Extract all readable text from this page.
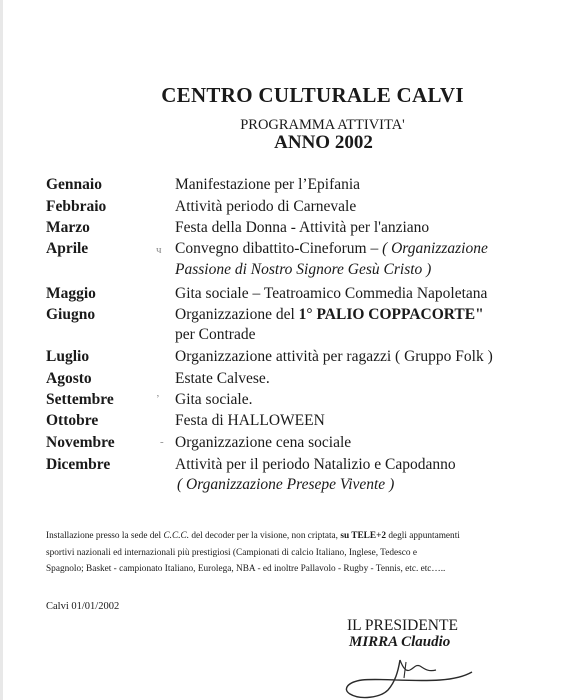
CENTRO CULTURALE CALVI
PROGRAMMA ATTIVITA'
ANNO 2002
Gennaio	Manifestazione per l’Epifania
Febbraio	Attività periodo di Carnevale
Marzo	Festa della Donna - Attività per l'anziano
Aprile	Convegno dibattito-Cineforum – ( Organizzazione
ч
Passione di Nostro Signore Gesù Cristo )
Maggio	Gita sociale – Teatroamico Commedia Napoletana
Giugno	Organizzazione del 1° PALIO COPPACORTE"
per Contrade
Luglio	Organizzazione attività per ragazzi ( Gruppo Folk )
Agosto	Estate Calvese.
Settembre	Gita sociale.
ʼ
Ottobre	Festa di HALLOWEEN
Novembre	Organizzazione cena sociale
-
Dicembre	Attività per il periodo Natalizio e Capodanno
( Organizzazione Presepe Vivente )
Installazione presso la sede del C.C.C. del decoder per la visione, non criptata, su TELE+2 degli appuntamenti
sportivi nazionali ed internazionali più prestigiosi (Campionati di calcio Italiano, Inglese, Tedesco e
Spagnolo; Basket - campionato Italiano, Eurolega, NBA - ed inoltre Pallavolo - Rugby - Tennis, etc. etc…..
Calvi 01/01/2002
IL PRESIDENTE
MIRRA Claudio
